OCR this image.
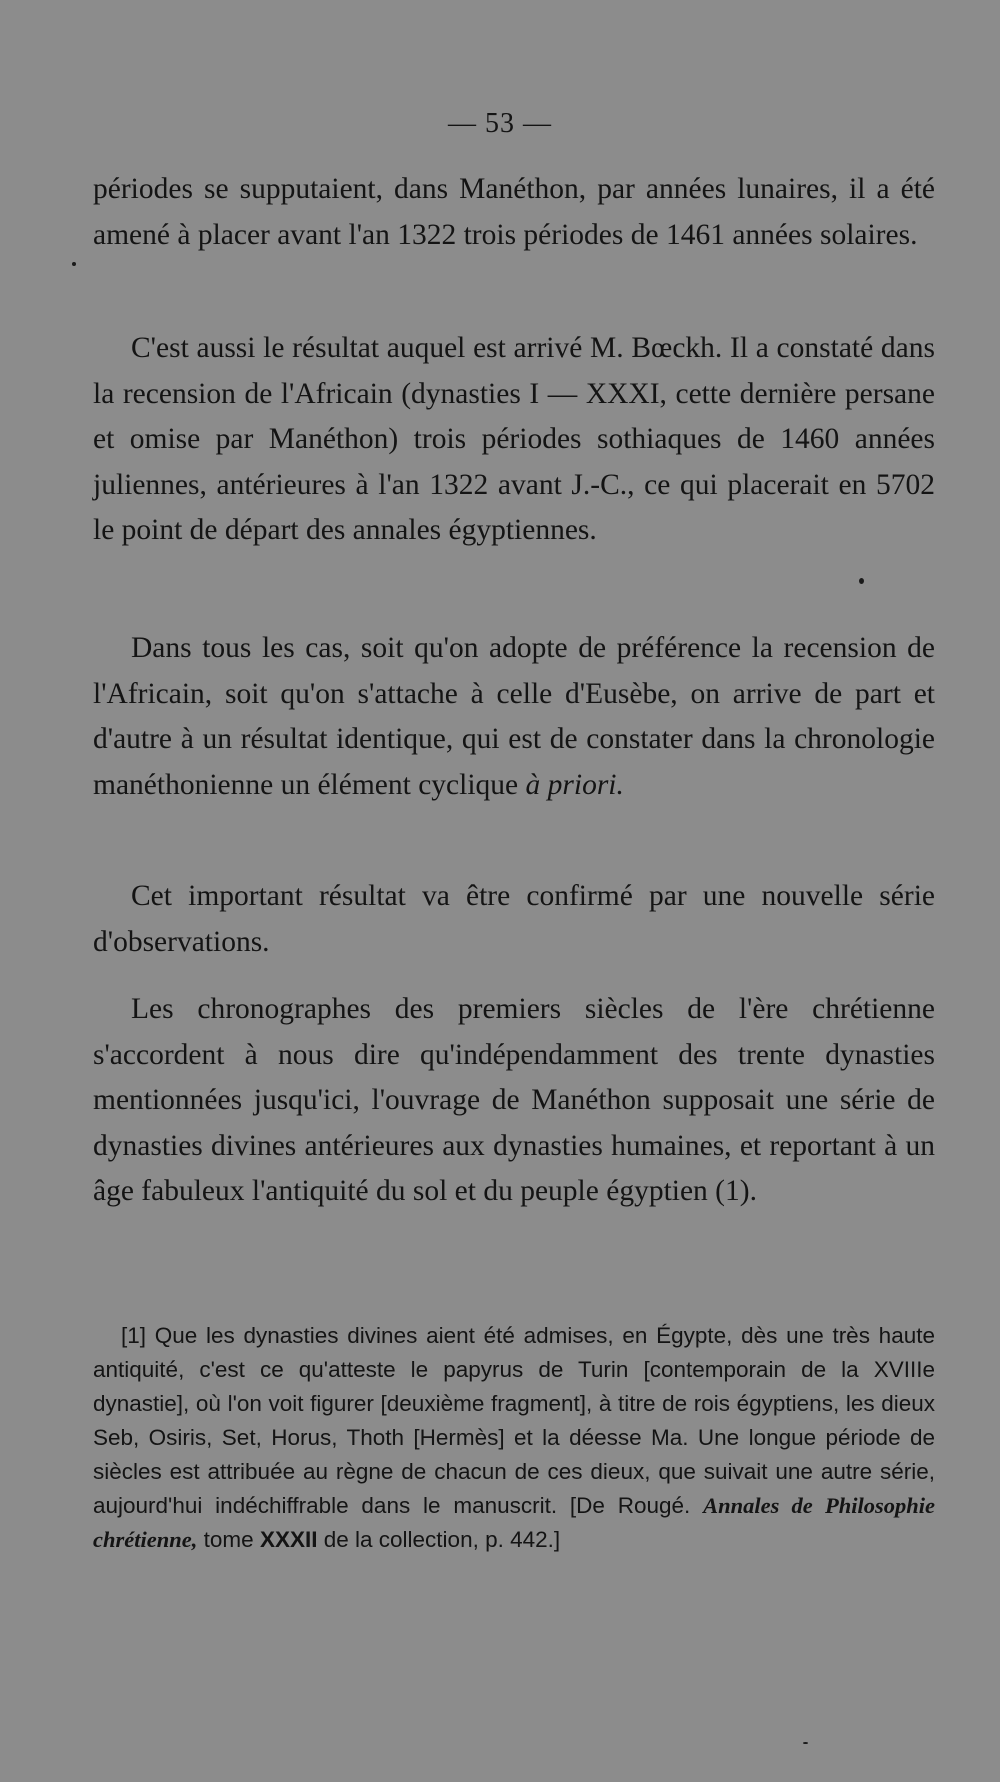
— 53 —

périodes se supputaient, dans Manéthon, par années lunaires, il a été amené à placer avant l'an 1322 trois périodes de 1461 années solaires.

C'est aussi le résultat auquel est arrivé M. Bœckh. Il a constaté dans la recension de l'Africain (dynasties I — XXXI, cette dernière persane et omise par Manéthon) trois périodes sothiaques de 1460 années juliennes, antérieures à l'an 1322 avant J.-C., ce qui placerait en 5702 le point de départ des annales égyptiennes.

Dans tous les cas, soit qu'on adopte de préférence la recension de l'Africain, soit qu'on s'attache à celle d'Eusèbe, on arrive de part et d'autre à un résultat identique, qui est de constater dans la chronologie manéthonienne un élément cyclique à priori.

Cet important résultat va être confirmé par une nouvelle série d'observations.

Les chronographes des premiers siècles de l'ère chrétienne s'accordent à nous dire qu'indépendamment des trente dynasties mentionnées jusqu'ici, l'ouvrage de Manéthon supposait une série de dynasties divines antérieures aux dynasties humaines, et reportant à un âge fabuleux l'antiquité du sol et du peuple égyptien (1).

[1] Que les dynasties divines aient été admises, en Égypte, dès une très haute antiquité, c'est ce qu'atteste le papyrus de Turin [contemporain de la XVIIIe dynastie], où l'on voit figurer [deuxième fragment], à titre de rois égyptiens, les dieux Seb, Osiris, Set, Horus, Thoth [Hermès] et la déesse Ma. Une longue période de siècles est attribuée au règne de chacun de ces dieux, que suivait une autre série, aujourd'hui indéchiffrable dans le manuscrit. [De Rougé. Annales de Philosophie chrétienne, tome XXXII de la collection, p. 442.]
